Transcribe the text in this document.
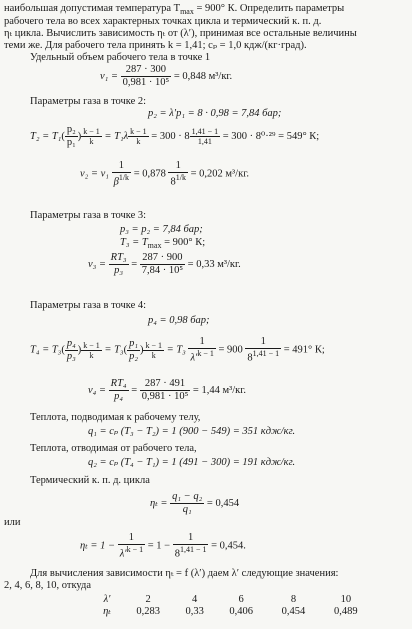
наибольшая допустимая температура $T_{max} = 900^\circ$ К. Определить параметры
рабочего тела во всех характерных точках цикла и термический к. п. д.
ηₜ цикла. Вычислить зависимость ηₜ от (λ′), принимая все остальные величины
теми же. Для рабочего тела принять k = 1,41; cₚ = 1,0 кдж/(кг·град).
Удельный объем рабочего тела в точке 1
$v_1 = \frac{287 \cdot 300}{\text{0,981 · 10⁵}} = 0,848$ м³/кг.
Параметры газа в точке 2:
p₂ = λ′p₁ = 8 · 0,98 = 7,84 бар;
$T_2 = T_1( \frac{\text{p₂}}{\text{p₁}}$ ) $\frac{k - 1}{k} = T_1\lambda \frac{k - 1}{k} = 300 \cdot 8 \frac{1,41 - 1}{1,41} = 300 \cdot 8^0\cdot^{29} = 549^\circ$ К;
$v_2 = v_1 \frac{1}{\beta^{1/k}} = 0,878 \frac{1}{8^{1/k}} = 0,202$ м³/кг.
Параметры газа в точке 3:
p₃ = p₂ = 7,84 бар;
$T_3 = T_{max} = 900^\circ$ К;
$v_3 = \frac{\text{RT₃}}{\text{p₃}} = \frac{287 \cdot 900}{\text{7,84 · 10⁵}} = 0,33$ м³/кг.
Параметры газа в точке 4:
p₄ = 0,98 бар;
$T_4 = T_3( \frac{\text{p₄}}{\text{p₃}}$ ) $\frac{k - 1}{k} = T_3( \frac{\text{p₁}}{\text{p₂}}$ ) $\frac{k - 1}{k} = T_3 \frac{1}{\lambda'^{k - 1}} = 900 \frac{1}{8^{1,41 - 1}} = 491^\circ$ К;
$v_4 = \frac{\text{RT₄}}{\text{p₄}} = \frac{287 \cdot 491}{\text{0,981 · 10⁵}} = 1,44$ м³/кг.
Теплота, подводимая к рабочему телу,
q₁ = cₚ (T₃ − T₂) = 1 (900 − 549) = 351 кдж/кг.
Теплота, отводимая от рабочего тела,
q₂ = cₚ (T₄ − T₁) = 1 (491 − 300) = 191 кдж/кг.
Термический к. п. д. цикла
$\eta_t = \frac{\text{q₁ − q₂}}{\text{q₁}} = 0,454$
или
$\eta_t = 1 - \frac{1}{\lambda'^{k - 1}} = 1 - \frac{1}{8^{1,41 - 1}} = 0,454$.
Для вычисления зависимости ηₜ = f (λ′) даем λ′ следующие значения:
2, 4, 6, 8, 10, откуда
λ′	2	4	6	8	10
ηₜ	0,283	0,33	0,406	0,454	0,489
